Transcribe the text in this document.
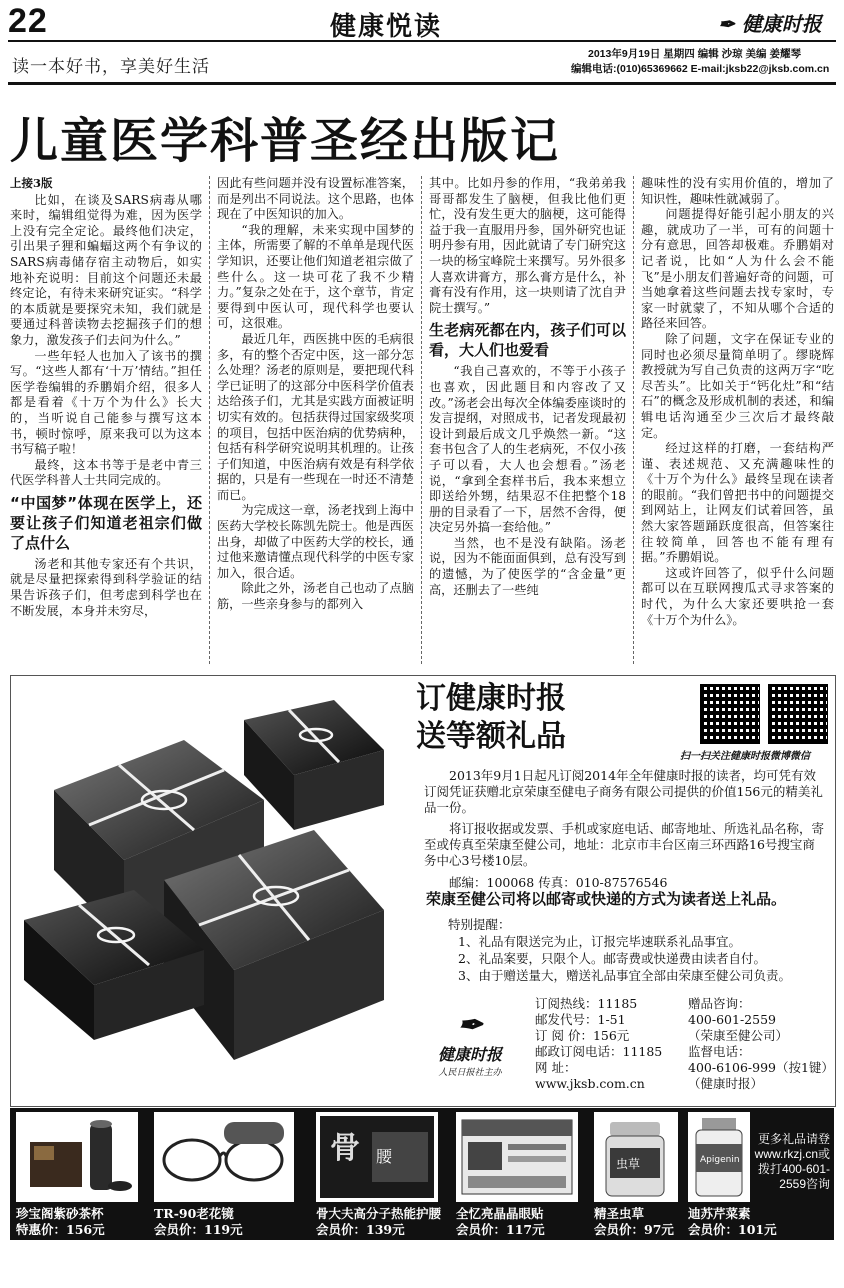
22	健康悦读	✒ 健康时报
读一本好书，享美好生活
2013年9月19日 星期四 编辑 沙琼 美编 姜耀琴
编辑电话:(010)65369662 E-mail:jksb22@jksb.com.cn
儿童医学科普圣经出版记

上接3版

比如，在谈及SARS病毒从哪来时，编辑组觉得为难，因为医学上没有完全定论。最终他们决定，引出果子狸和蝙蝠这两个有争议的SARS病毒储存宿主动物后，如实地补充说明：目前这个问题还未最终定论，有待未来研究证实。“科学的本质就是要探究未知，我们就是要通过科普读物去挖掘孩子们的想象力，激发孩子们去问为什么。”

一些年轻人也加入了该书的撰写。“这些人都有‘十万’情结。”担任医学卷编辑的乔鹏娟介绍，很多人都是看着《十万个为什么》长大的，当听说自己能参与撰写这本书，顿时惊呼，原来我可以为这本书写稿子啦！

最终，这本书等于是老中青三代医学科普人士共同完成的。

“中国梦”体现在医学上，还要让孩子们知道老祖宗们做了点什么

汤老和其他专家还有个共识，就是尽量把探索得到科学验证的结果告诉孩子们，但考虑到科学也在不断发展，本身并未穷尽，

因此有些问题并没有设置标准答案，而是列出不同说法。这个思路，也体现在了中医知识的加入。

“我的理解，未来实现中国梦的主体，所需要了解的不单单是现代医学知识，还要让他们知道老祖宗做了些什么。这一块可花了我不少精力。”复杂之处在于，这个章节，肯定要得到中医认可，现代科学也要认可，这很难。

最近几年，西医挑中医的毛病很多，有的整个否定中医，这一部分怎么处理？汤老的原则是，要把现代科学已证明了的这部分中医科学价值表达给孩子们，尤其是实践方面被证明切实有效的。包括获得过国家级奖项的项目，包括中医治病的优势病种，包括有科学研究说明其机理的。让孩子们知道，中医治病有效是有科学依据的，只是有一些现在一时还不清楚而已。

为完成这一章，汤老找到上海中医药大学校长陈凯先院士。他是西医出身，却做了中医药大学的校长，通过他来邀请懂点现代科学的中医专家加入，很合适。

除此之外，汤老自己也动了点脑筋，一些亲身参与的都列入

其中。比如丹参的作用，“我弟弟我哥哥都发生了脑梗，但我比他们更忙，没有发生更大的脑梗，这可能得益于我一直服用丹参，国外研究也证明丹参有用，因此就请了专门研究这一块的杨宝峰院士来撰写。另外很多人喜欢讲膏方，那么膏方是什么，补膏有没有作用，这一块则请了沈自尹院士撰写。”

生老病死都在内，孩子们可以看，大人们也爱看

“我自己喜欢的，不等于小孩子也喜欢，因此题目和内容改了又改。”汤老会出每次全体编委座谈时的发言提纲，对照成书，记者发现最初设计到最后成文几乎焕然一新。“这套书包含了人的生老病死，不仅小孩子可以看，大人也会想看。”汤老说，“拿到全套样书后，我本来想立即送给外甥，结果忍不住把整个18册的目录看了一下，居然不舍得，便决定另外搞一套给他。”

当然，也不是没有缺陷。汤老说，因为不能面面俱到，总有没写到的遗憾，为了使医学的“含金量”更高，还删去了一些纯

趣味性的没有实用价值的，增加了知识性，趣味性就减弱了。

问题提得好能引起小朋友的兴趣，就成功了一半，可有的问题十分有意思，回答却极难。乔鹏娟对记者说，比如“人为什么会不能飞”是小朋友们普遍好奇的问题，可当她拿着这些问题去找专家时，专家一时就蒙了，不知从哪个合适的路径来回答。

除了问题，文字在保证专业的同时也必须尽量简单明了。缪晓辉教授就为写自己负责的这两万字“吃尽苦头”。比如关于“钙化灶”和“结石”的概念及形成机制的表述，和编辑电话沟通至少三次后才最终敲定。

经过这样的打磨，一套结构严谨、表述规范、又充满趣味性的《十万个为什么》最终呈现在读者的眼前。“我们曾把书中的问题提交到网站上，让网友们试着回答，虽然大家答题踊跃度很高，但答案往往较简单，回答也不能有理有据。”乔鹏娟说。

这或许回答了，似乎什么问题都可以在互联网搜瓜式寻求答案的时代，为什么大家还要哄抢一套《十万个为什么》。

订健康时报
送等额礼品
扫一扫关注健康时报微博微信

2013年9月1日起凡订阅2014年全年健康时报的读者，均可凭有效订阅凭证获赠北京荣康至健电子商务有限公司提供的价值156元的精美礼品一份。

将订报收据或发票、手机或家庭电话、邮寄地址、所选礼品名称，寄至或传真至荣康至健公司，地址：北京市丰台区南三环西路16号搜宝商务中心3号楼10层。

邮编：100068 传真：010-87576546

荣康至健公司将以邮寄或快递的方式为读者送上礼品。
特别提醒：
1、礼品有限送完为止，订报完毕速联系礼品事宜。
2、礼品案要，只限个人。邮寄费或快递费由读者自付。
3、由于赠送量大，赠送礼品事宜全部由荣康至健公司负责。
✒
健康时报
人民日报社主办
订阅热线：11185
邮发代号：1-51
订 阅 价：156元
邮政订阅电话：11185
网 址：
www.jksb.com.cn
赠品咨询：
400-601-2559
（荣康至健公司）
监督电话：
400-6106-999（按1键）
（健康时报）
珍宝阁紫砂茶杯
特惠价：156元
TR-90老花镜
会员价：119元
骨 腰
骨大夫高分子热能护腰
会员价：139元
全忆亮晶晶眼贴
会员价：117元
虫草
精圣虫草
会员价：97元
Apigenin
迪苏芹菜素
会员价：101元
更多礼品请登www.rkzj.cn或拨打400-601-2559咨询
